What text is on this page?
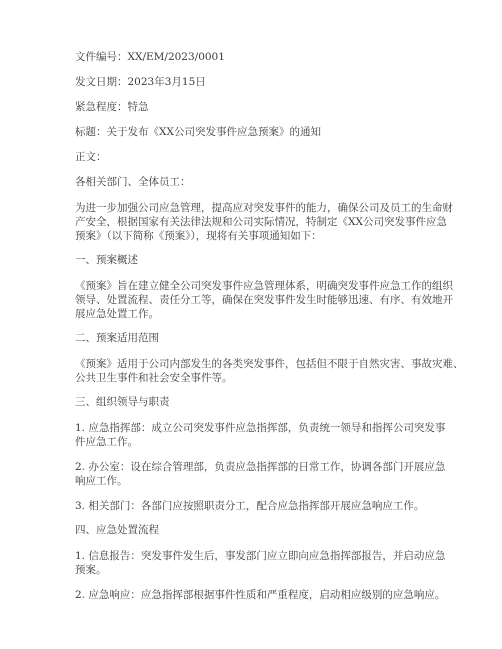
文件编号：XX/EM/2023/0001

发文日期：2023年3月15日

紧急程度：特急

标题：关于发布《XX公司突发事件应急预案》的通知

正文：

各相关部门、全体员工：

为进一步加强公司应急管理，提高应对突发事件的能力，确保公司及员工的生命财
产安全，根据国家有关法律法规和公司实际情况，特制定《XX公司突发事件应急
预案》（以下简称《预案》），现将有关事项通知如下：

一、预案概述

《预案》旨在建立健全公司突发事件应急管理体系，明确突发事件应急工作的组织
领导、处置流程、责任分工等，确保在突发事件发生时能够迅速、有序、有效地开
展应急处置工作。

二、预案适用范围

《预案》适用于公司内部发生的各类突发事件，包括但不限于自然灾害、事故灾难、
公共卫生事件和社会安全事件等。

三、组织领导与职责

1. 应急指挥部：成立公司突发事件应急指挥部，负责统一领导和指挥公司突发事
件应急工作。
2. 办公室：设在综合管理部，负责应急指挥部的日常工作，协调各部门开展应急
响应工作。
3. 相关部门：各部门应按照职责分工，配合应急指挥部开展应急响应工作。

四、应急处置流程

1. 信息报告：突发事件发生后，事发部门应立即向应急指挥部报告，并启动应急
预案。
2. 应急响应：应急指挥部根据事件性质和严重程度，启动相应级别的应急响应。
